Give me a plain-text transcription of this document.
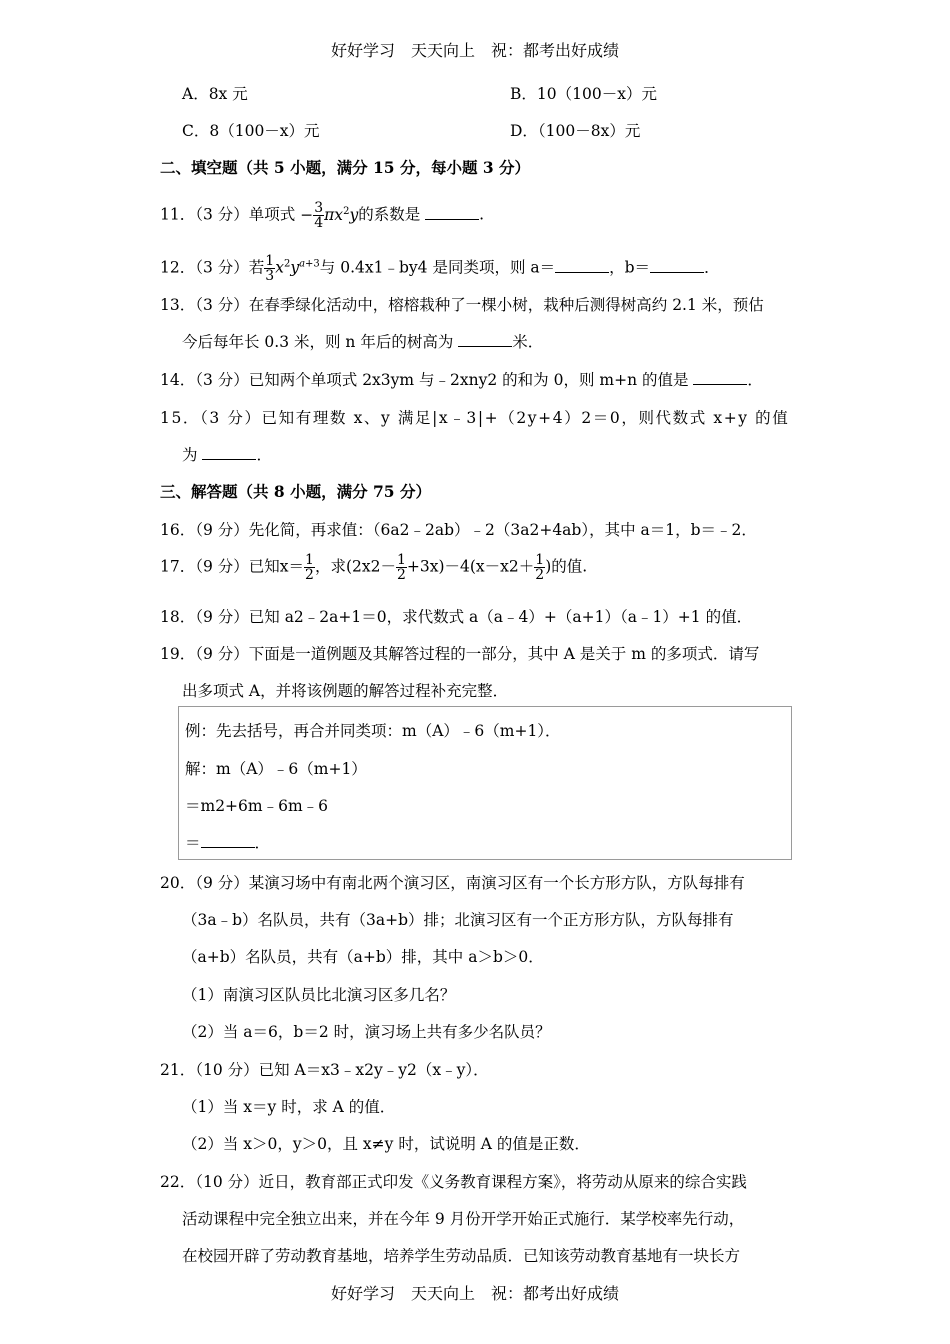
好好学习　天天向上　祝：都考出好成绩
A．8x 元	B．10（100－x）元
C．8（100－x）元	D．（100－8x）元
二、填空题（共 5 小题，满分 15 分，每小题 3 分）
11．（3 分）单项式 − $\frac{3}{4} \pi x^2y$的系数是	.
12．（3 分）若 $\frac{1}{3} x^2y^{a+3}$与 0.4x1﹣by4 是同类项，则 a＝	，b＝	．
13．（3 分）在春季绿化活动中，榕榕栽种了一棵小树，栽种后测得树高约 2.1 米，预估
今后每年长 0.3 米，则 n 年后的树高为	米．
14．（3 分）已知两个单项式 2x3ym 与﹣2xny2 的和为 0，则 m+n 的值是	．
15．（3 分）已知有理数 x、y 满足|x﹣3|+（2y+4）2＝0，则代数式 x+y 的值
为	．
三、解答题（共 8 小题，满分 75 分）
16．（9 分）先化简，再求值：（6a2﹣2ab）﹣2（3a2+4ab），其中 a＝1，b＝﹣2．
17．（9 分）已知$x= \frac{1}{2}$ ，求$(2x2- \frac{1}{2} +3x)-4(x-x2+ \frac{1}{2}$ )的值.
18．（9 分）已知 a2﹣2a+1＝0，求代数式 a（a﹣4）+（a+1）（a﹣1）+1 的值．
19．（9 分）下面是一道例题及其解答过程的一部分，其中 A 是关于 m 的多项式．请写
出多项式 A，并将该例题的解答过程补充完整．
例：先去括号，再合并同类项：m（A）﹣6（m+1）．
解：m（A）﹣6（m+1）
＝m2+6m﹣6m﹣6
＝	．
20．（9 分）某演习场中有南北两个演习区，南演习区有一个长方形方队，方队每排有
（3a﹣b）名队员，共有（3a+b）排；北演习区有一个正方形方队，方队每排有
（a+b）名队员，共有（a+b）排，其中 a＞b＞0．
（1）南演习区队员比北演习区多几名？
（2）当 a＝6，b＝2 时，演习场上共有多少名队员？
21．（10 分）已知 A＝x3﹣x2y﹣y2（x﹣y）．
（1）当 x＝y 时，求 A 的值．
（2）当 x＞0，y＞0，且 x≠y 时，试说明 A 的值是正数．
22．（10 分）近日，教育部正式印发《义务教育课程方案》，将劳动从原来的综合实践
活动课程中完全独立出来，并在今年 9 月份开学开始正式施行．某学校率先行动，
在校园开辟了劳动教育基地，培养学生劳动品质．已知该劳动教育基地有一块长方
好好学习　天天向上　祝：都考出好成绩
